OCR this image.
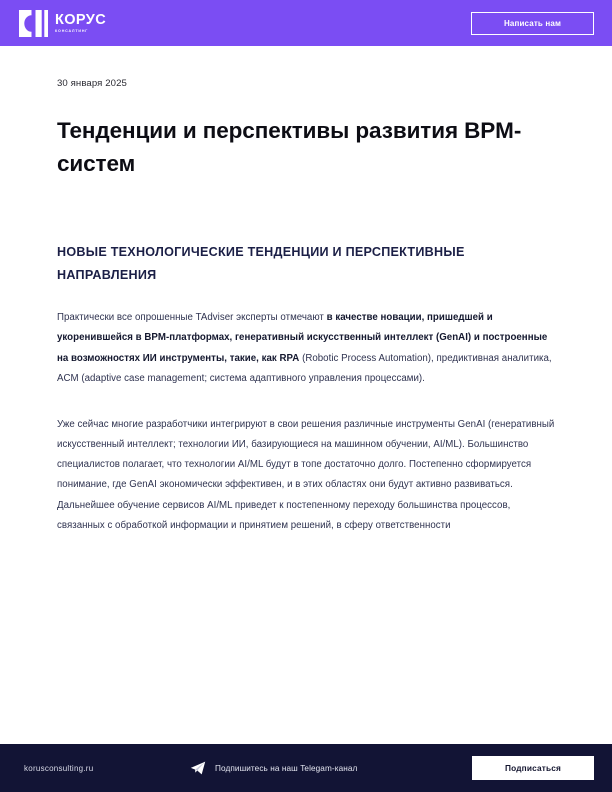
КОРУС
КОНСАЛТИНГ
Написать нам
30 января 2025
Тенденции и перспективы развития BPM-систем
НОВЫЕ ТЕХНОЛОГИЧЕСКИЕ ТЕНДЕНЦИИ И ПЕРСПЕКТИВНЫЕ НАПРАВЛЕНИЯ

Практически все опрошенные TAdviser эксперты отмечают в качестве новации, пришедшей и укоренившейся в BPM-платформах, генеративный искусственный интеллект (GenAI) и построенные на возможностях ИИ инструменты, такие, как RPA (Robotic Process Automation), предиктивная аналитика, ACM (adaptive case management; система адаптивного управления процессами).

Уже сейчас многие разработчики интегрируют в свои решения различные инструменты GenAI (генеративный искусственный интеллект; технологии ИИ, базирующиеся на машинном обучении, AI/ML). Большинство специалистов полагает, что технологии AI/ML будут в топе достаточно долго. Постепенно сформируется понимание, где GenAI экономически эффективен, и в этих областях они будут активно развиваться. Дальнейшее обучение сервисов AI/ML приведет к постепенному переходу большинства процессов, связанных с обработкой информации и принятием решений, в сферу ответственности

korusconsulting.ru	Подпишитесь на наш Telegam-канал	Подписаться
